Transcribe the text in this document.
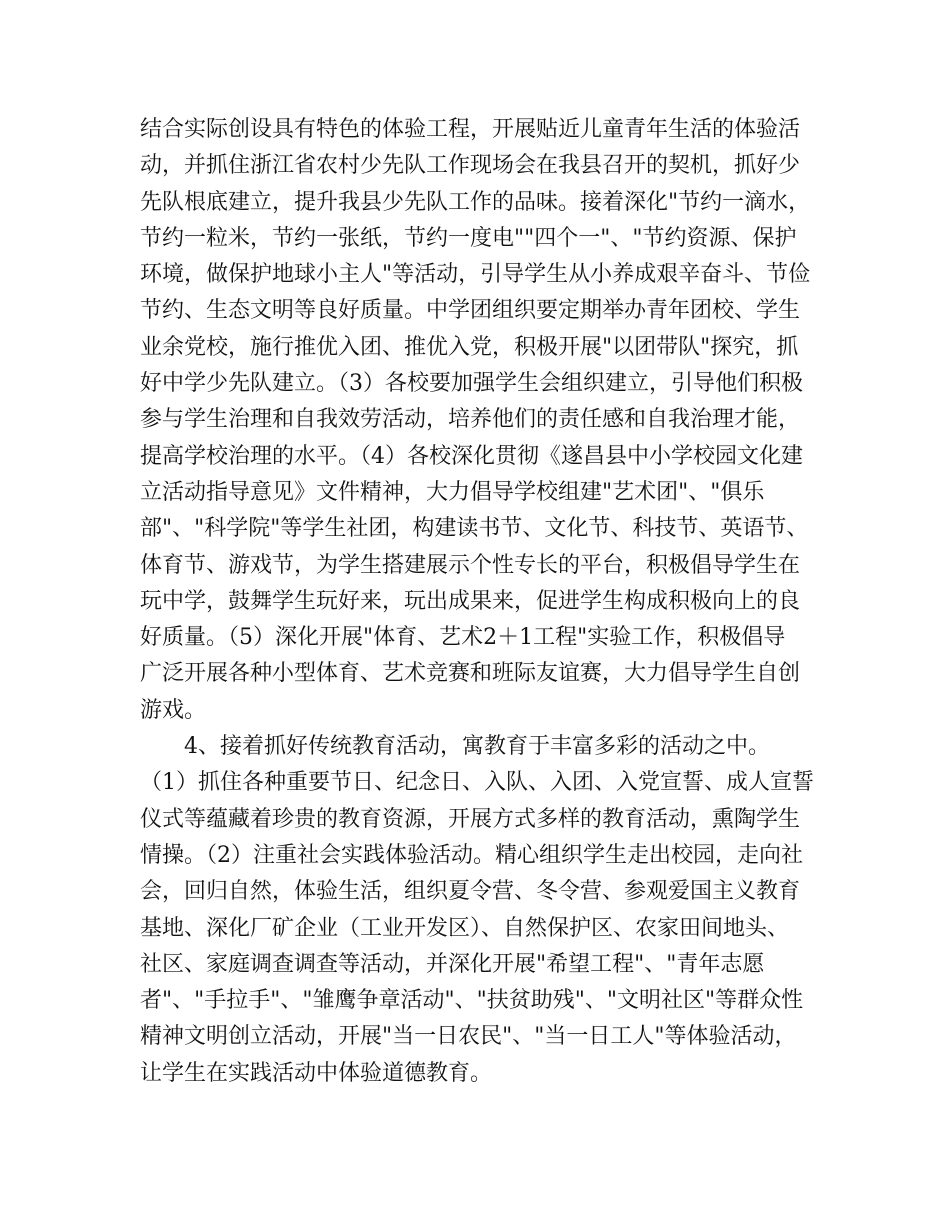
结合实际创设具有特色的体验工程，开展贴近儿童青年生活的体验活
动，并抓住浙江省农村少先队工作现场会在我县召开的契机，抓好少
先队根底建立，提升我县少先队工作的品味。接着深化"节约一滴水，
节约一粒米，节约一张纸，节约一度电""四个一"、"节约资源、保护
环境，做保护地球小主人"等活动，引导学生从小养成艰辛奋斗、节俭
节约、生态文明等良好质量。中学团组织要定期举办青年团校、学生
业余党校，施行推优入团、推优入党，积极开展"以团带队"探究，抓
好中学少先队建立。（3）各校要加强学生会组织建立，引导他们积极
参与学生治理和自我效劳活动，培养他们的责任感和自我治理才能，
提高学校治理的水平。（4）各校深化贯彻《遂昌县中小学校园文化建
立活动指导意见》文件精神，大力倡导学校组建"艺术团"、"俱乐
部"、"科学院"等学生社团，构建读书节、文化节、科技节、英语节、
体育节、游戏节，为学生搭建展示个性专长的平台，积极倡导学生在
玩中学，鼓舞学生玩好来，玩出成果来，促进学生构成积极向上的良
好质量。（5）深化开展"体育、艺术2＋1工程"实验工作，积极倡导
广泛开展各种小型体育、艺术竞赛和班际友谊赛，大力倡导学生自创
游戏。
　　4、接着抓好传统教育活动，寓教育于丰富多彩的活动之中。
（1）抓住各种重要节日、纪念日、入队、入团、入党宣誓、成人宣誓
仪式等蕴藏着珍贵的教育资源，开展方式多样的教育活动，熏陶学生
情操。（2）注重社会实践体验活动。精心组织学生走出校园，走向社
会，回归自然，体验生活，组织夏令营、冬令营、参观爱国主义教育
基地、深化厂矿企业（工业开发区）、自然保护区、农家田间地头、
社区、家庭调查调查等活动，并深化开展"希望工程"、"青年志愿
者"、"手拉手"、"雏鹰争章活动"、"扶贫助残"、"文明社区"等群众性
精神文明创立活动，开展"当一日农民"、"当一日工人"等体验活动，
让学生在实践活动中体验道德教育。
